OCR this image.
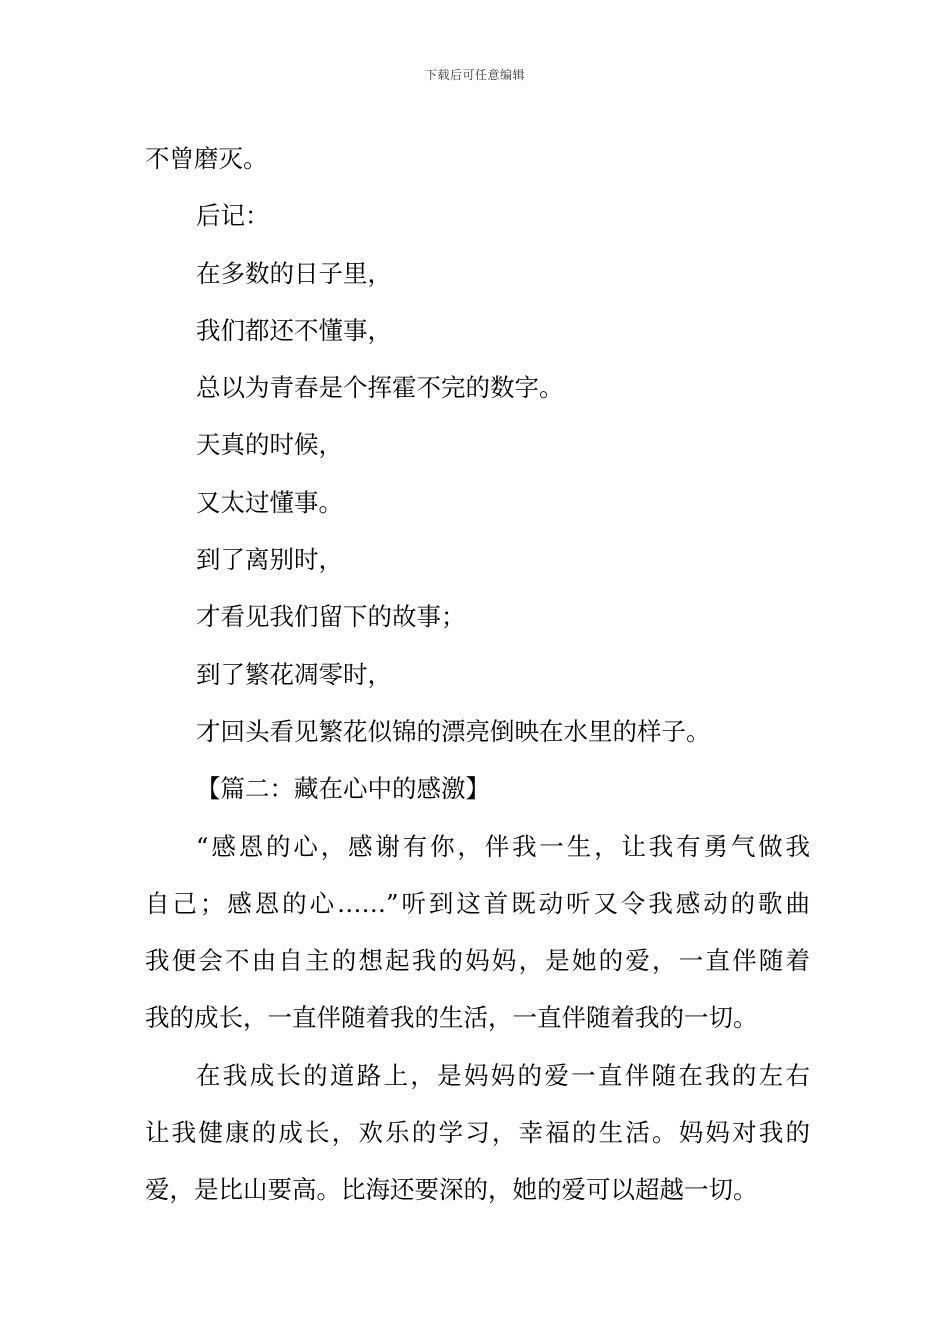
下载后可任意编辑
不曾磨灭。
后记：
在多数的日子里，
我们都还不懂事，
总以为青春是个挥霍不完的数字。
天真的时候，
又太过懂事。
到了离别时，
才看见我们留下的故事；
到了繁花凋零时，
才回头看见繁花似锦的漂亮倒映在水里的样子。
【篇二：藏在心中的感激】
“感恩的心，感谢有你，伴我一生，让我有勇气做我
自己；感恩的心……”听到这首既动听又令我感动的歌曲
我便会不由自主的想起我的妈妈，是她的爱，一直伴随着
我的成长，一直伴随着我的生活，一直伴随着我的一切。
在我成长的道路上，是妈妈的爱一直伴随在我的左右
让我健康的成长，欢乐的学习，幸福的生活。妈妈对我的
爱，是比山要高。比海还要深的，她的爱可以超越一切。
